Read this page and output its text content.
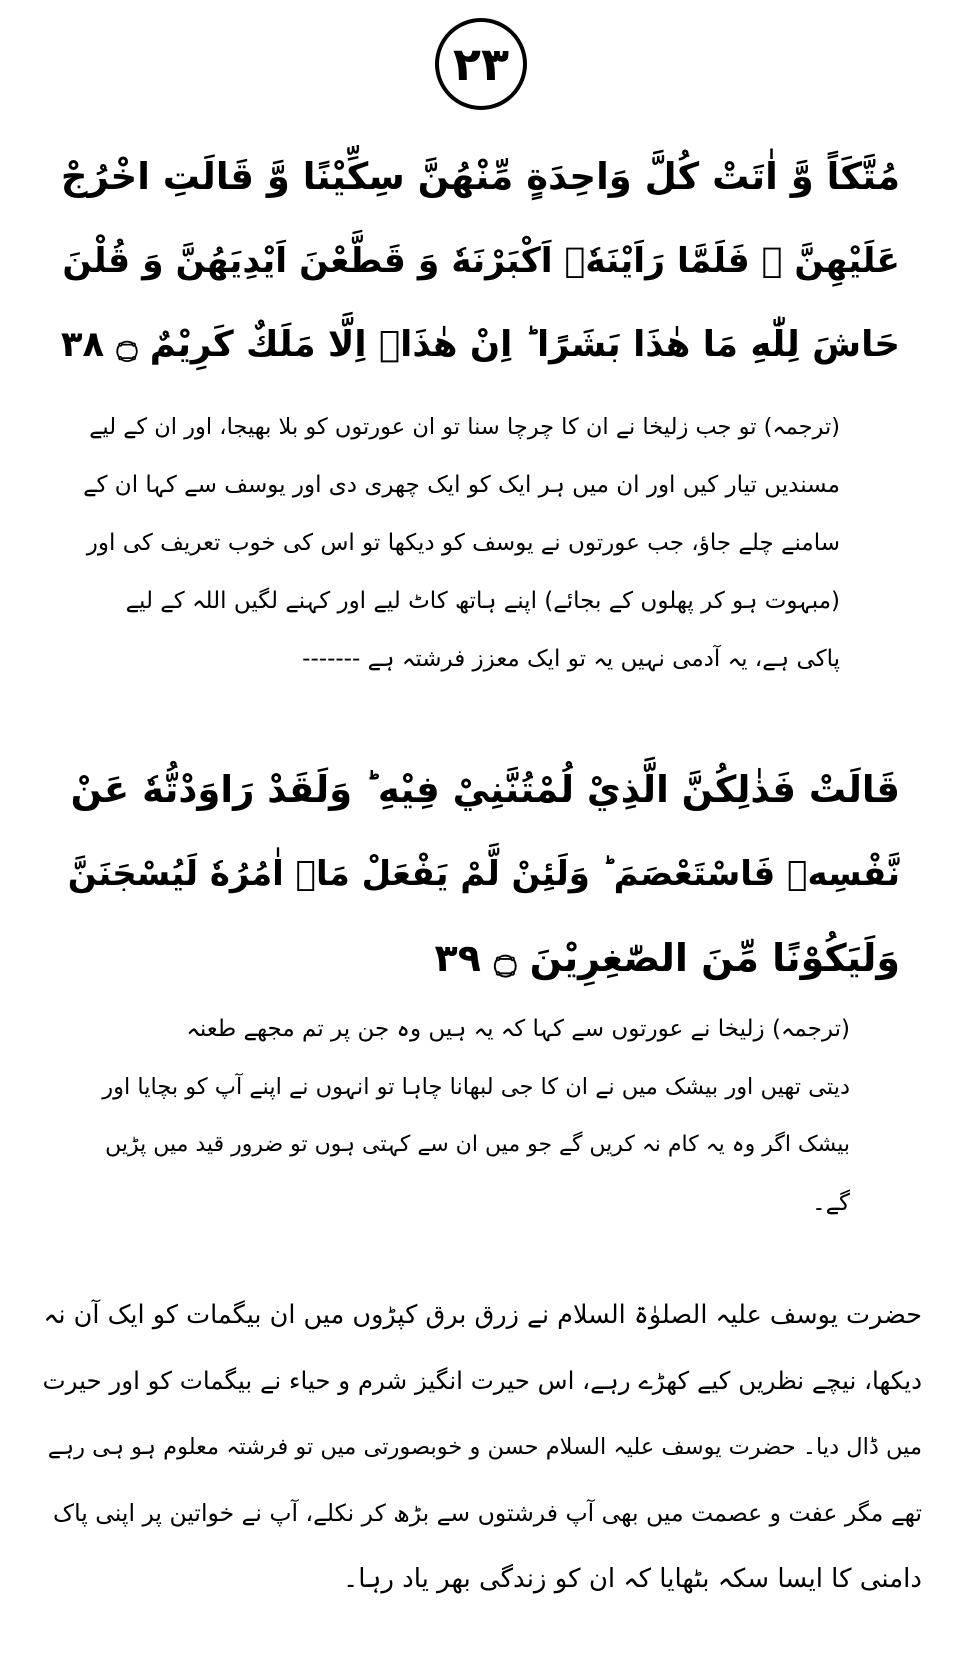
۲۳
مُتَّكَاً وَّ اٰتَتْ كُلَّ وَاحِدَةٍ مِّنْهُنَّ سِكِّيْنًا وَّ قَالَتِ اخْرُجْ
عَلَيْهِنَّ ۚ فَلَمَّا رَاَيْنَهٗۤ اَكْبَرْنَهٗ وَ قَطَّعْنَ اَيْدِيَهُنَّ وَ قُلْنَ
حَاشَ لِلّٰهِ مَا هٰذَا بَشَرًا ؕ اِنْ هٰذَاۤ اِلَّا مَلَكٌ كَرِيْمٌ ۝ ۳۸
(ترجمہ) تو جب زلیخا نے ان کا چرچا سنا تو ان عورتوں کو بلا بھیجا، اور ان کے لیے
مسندیں تیار کیں اور ان میں ہر ایک کو ایک چھری دی اور یوسف سے کہا ان کے
سامنے چلے جاؤ، جب عورتوں نے یوسف کو دیکھا تو اس کی خوب تعریف کی اور
(مبہوت ہو کر پھلوں کے بجائے) اپنے ہاتھ کاٹ لیے اور کہنے لگیں اللہ کے لیے
پاکی ہے، یہ آدمی نہیں یہ تو ایک معزز فرشتہ ہے -------
قَالَتْ فَذٰلِكُنَّ الَّذِيْ لُمْتُنَّنِيْ فِيْهِ ؕ وَلَقَدْ رَاوَدْتُّهٗ عَنْ
نَّفْسِهٖ فَاسْتَعْصَمَ ؕ وَلَئِنْ لَّمْ يَفْعَلْ مَاۤ اٰمُرُهٗ لَيُسْجَنَنَّ
وَلَيَكُوْنًا مِّنَ الصّٰغِرِيْنَ ۝ ۳۹
(ترجمہ) زلیخا نے عورتوں سے کہا کہ یہ ہیں وہ جن پر تم مجھے طعنہ
دیتی تھیں اور بیشک میں نے ان کا جی لبھانا چاہا تو انہوں نے اپنے آپ کو بچایا اور
بیشک اگر وہ یہ کام نہ کریں گے جو میں ان سے کہتی ہوں تو ضرور قید میں پڑیں
گے۔
حضرت یوسف علیہ الصلوٰۃ السلام نے زرق برق کپڑوں میں ان بیگمات کو ایک آن نہ
دیکھا، نیچے نظریں کیے کھڑے رہے، اس حیرت انگیز شرم و حیاء نے بیگمات کو اور حیرت
میں ڈال دیا۔ حضرت یوسف علیہ السلام حسن و خوبصورتی میں تو فرشتہ معلوم ہو ہی رہے
تھے مگر عفت و عصمت میں بھی آپ فرشتوں سے بڑھ کر نکلے، آپ نے خواتین پر اپنی پاک
دامنی کا ایسا سکہ بٹھایا کہ ان کو زندگی بھر یاد رہا۔
